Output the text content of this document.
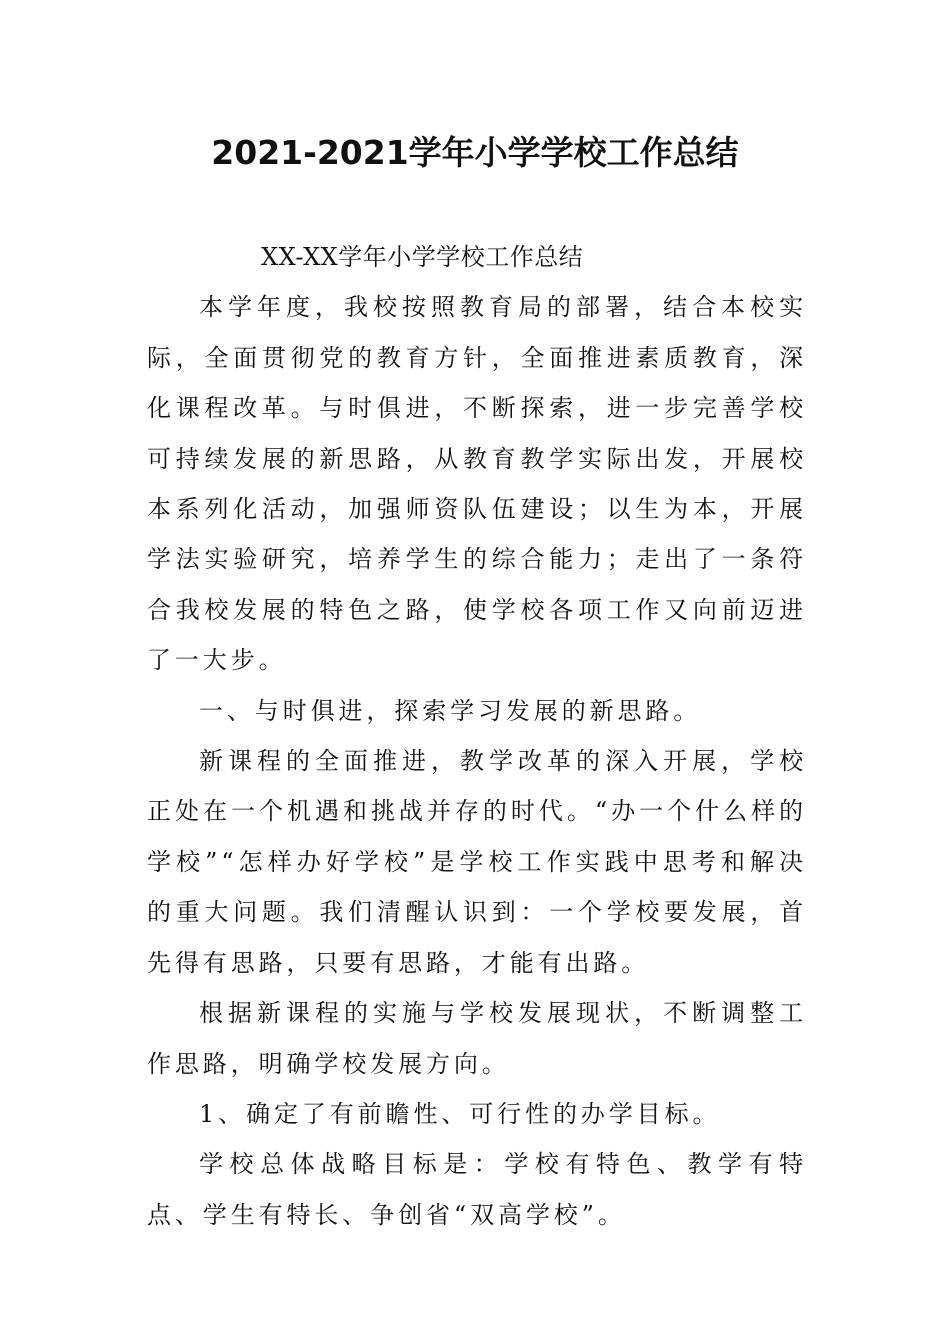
2021-2021学年小学学校工作总结

XX-XX学年小学学校工作总结

本学年度，我校按照教育局的部署，结合本校实际，全面贯彻党的教育方针，全面推进素质教育，深化课程改革。与时俱进，不断探索，进一步完善学校可持续发展的新思路，从教育教学实际出发，开展校本系列化活动，加强师资队伍建设；以生为本，开展学法实验研究，培养学生的综合能力；走出了一条符合我校发展的特色之路，使学校各项工作又向前迈进了一大步。

一、与时俱进，探索学习发展的新思路。

新课程的全面推进，教学改革的深入开展，学校正处在一个机遇和挑战并存的时代。“办一个什么样的学校”“怎样办好学校”是学校工作实践中思考和解决的重大问题。我们清醒认识到：一个学校要发展，首先得有思路，只要有思路，才能有出路。

根据新课程的实施与学校发展现状，不断调整工作思路，明确学校发展方向。

1、确定了有前瞻性、可行性的办学目标。

学校总体战略目标是：学校有特色、教学有特点、学生有特长、争创省“双高学校”。
